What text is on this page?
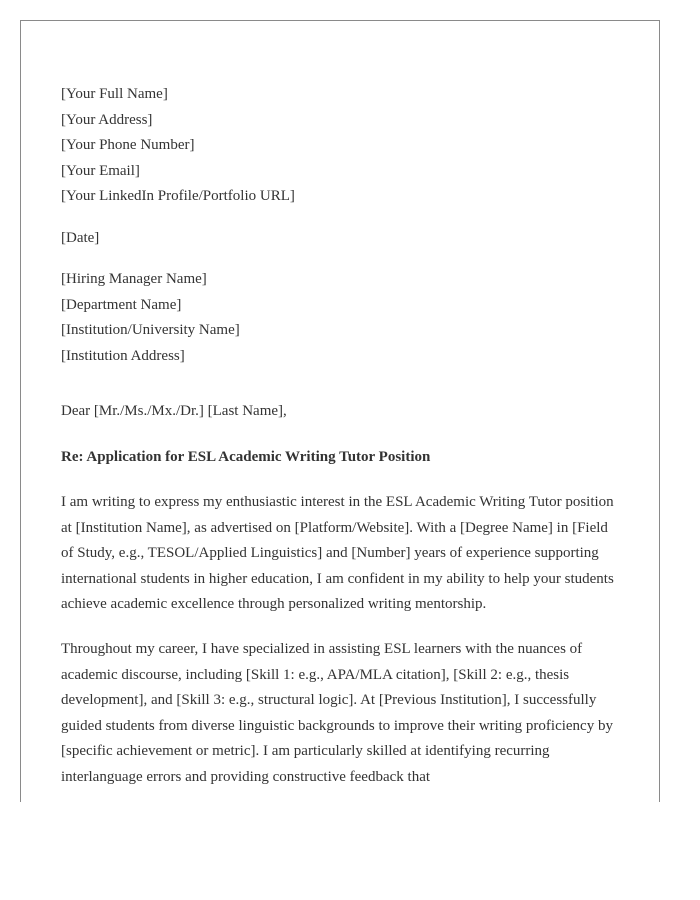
[Your Full Name]
[Your Address]
[Your Phone Number]
[Your Email]
[Your LinkedIn Profile/Portfolio URL]
[Date]
[Hiring Manager Name]
[Department Name]
[Institution/University Name]
[Institution Address]
Dear [Mr./Ms./Mx./Dr.] [Last Name],
Re: Application for ESL Academic Writing Tutor Position

I am writing to express my enthusiastic interest in the ESL Academic Writing Tutor position at [Institution Name], as advertised on [Platform/Website]. With a [Degree Name] in [Field of Study, e.g., TESOL/Applied Linguistics] and [Number] years of experience supporting international students in higher education, I am confident in my ability to help your students achieve academic excellence through personalized writing mentorship.

Throughout my career, I have specialized in assisting ESL learners with the nuances of academic discourse, including [Skill 1: e.g., APA/MLA citation], [Skill 2: e.g., thesis development], and [Skill 3: e.g., structural logic]. At [Previous Institution], I successfully guided students from diverse linguistic backgrounds to improve their writing proficiency by [specific achievement or metric]. I am particularly skilled at identifying recurring interlanguage errors and providing constructive feedback that
